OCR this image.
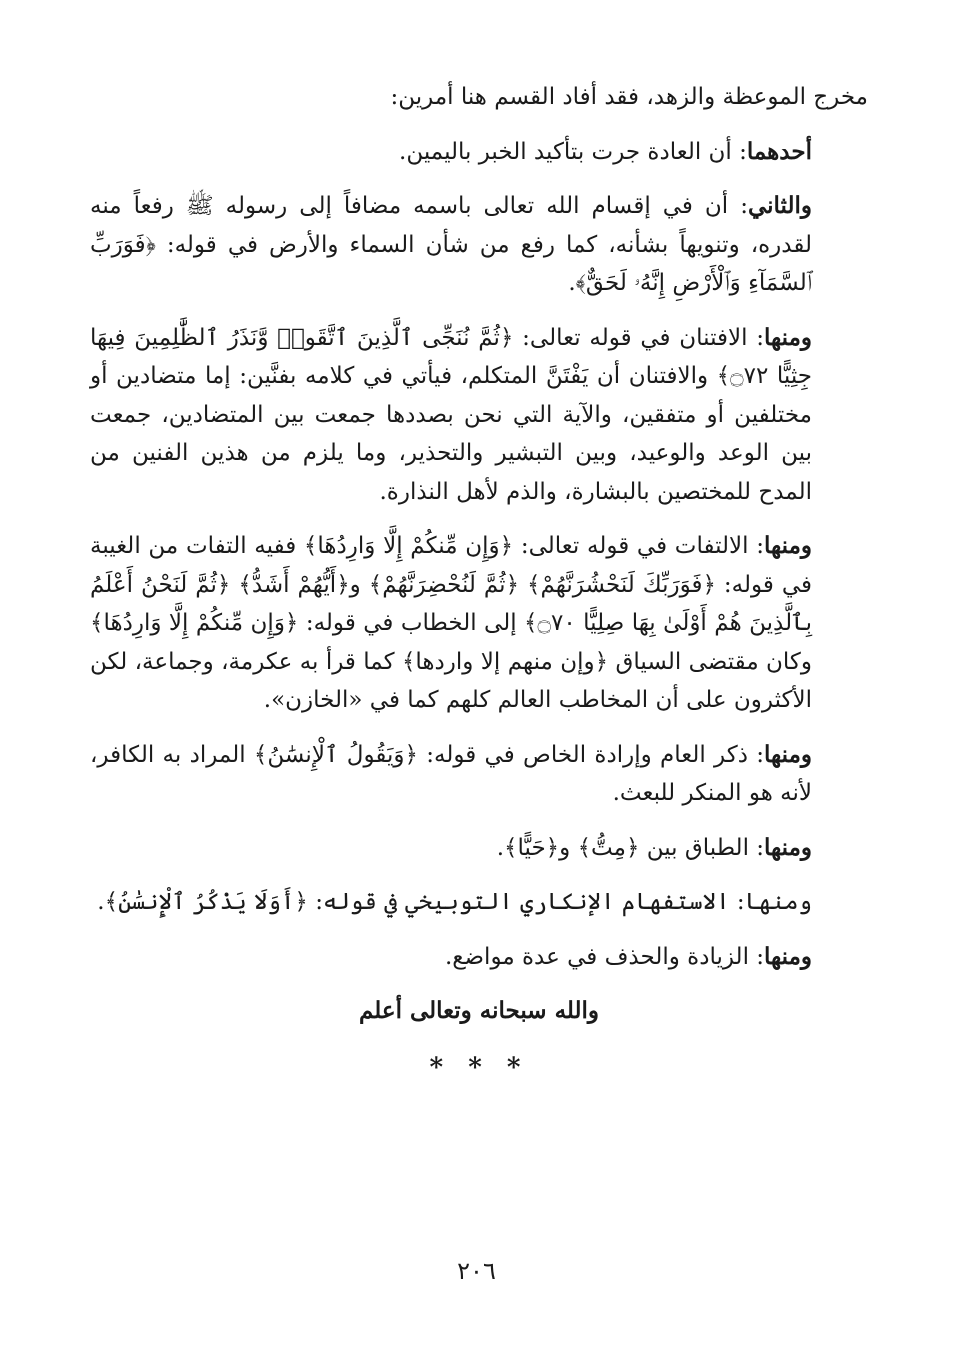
مخرج الموعظة والزهد، فقد أفاد القسم هنا أمرين:

أحدهما: أن العادة جرت بتأكيد الخبر باليمين.

والثاني: أن في إقسام الله تعالى باسمه مضافاً إلى رسوله ﷺ رفعاً منه لقدره، وتنويهاً بشأنه، كما رفع من شأن السماء والأرض في قوله: ﴿فَوَرَبِّ ٱلسَّمَآءِ وَٱلْأَرْضِ إِنَّهُۥ لَحَقٌّ﴾.

ومنها: الافتنان في قوله تعالى: ﴿ثُمَّ نُنَجِّى ٱلَّذِينَ ٱتَّقَوا۟ وَّنَذَرُ ٱلظَّٰلِمِينَ فِيهَا جِثِيًّا ۝٧٢﴾ والافتنان أن يَفْتَنَّ المتكلم، فيأتي في كلامه بفنَّين: إما متضادين أو مختلفين أو متفقين، والآية التي نحن بصددها جمعت بين المتضادين، جمعت بين الوعد والوعيد، وبين التبشير والتحذير، وما يلزم من هذين الفنين من المدح للمختصين بالبشارة، والذم لأهل النذارة.

ومنها: الالتفات في قوله تعالى: ﴿وَإِن مِّنكُمْ إِلَّا وَارِدُهَا﴾ ففيه التفات من الغيبة في قوله: ﴿فَوَرَبِّكَ لَنَحْشُرَنَّهُمْ﴾ ﴿ثُمَّ لَنُحْضِرَنَّهُمْ﴾ و﴿أَيُّهُمْ أَشَدُّ﴾ ﴿ثُمَّ لَنَحْنُ أَعْلَمُ بِٱلَّذِينَ هُمْ أَوْلَىٰ بِهَا صِلِيًّا ۝٧٠﴾ إلى الخطاب في قوله: ﴿وَإِن مِّنكُمْ إِلَّا وَارِدُهَا﴾ وكان مقتضى السياق ﴿وإن منهم إلا واردها﴾ كما قرأ به عكرمة، وجماعة، لكن الأكثرون على أن المخاطب العالم كلهم كما في «الخازن».

ومنها: ذكر العام وإرادة الخاص في قوله: ﴿وَيَقُولُ ٱلْإِنسَٰنُ﴾ المراد به الكافر، لأنه هو المنكر للبعث.

ومنها: الطباق بين ﴿مِتُّ﴾ و﴿حَيًّا﴾.

ومنها: الاستفهام الإنكاري التوبيخي في قوله: ﴿أَوَلَا يَذْكُرُ ٱلْإِنسَٰنُ﴾.

ومنها: الزيادة والحذف في عدة مواضع.

والله سبحانه وتعالى أعلم

* * *

٢٠٦
